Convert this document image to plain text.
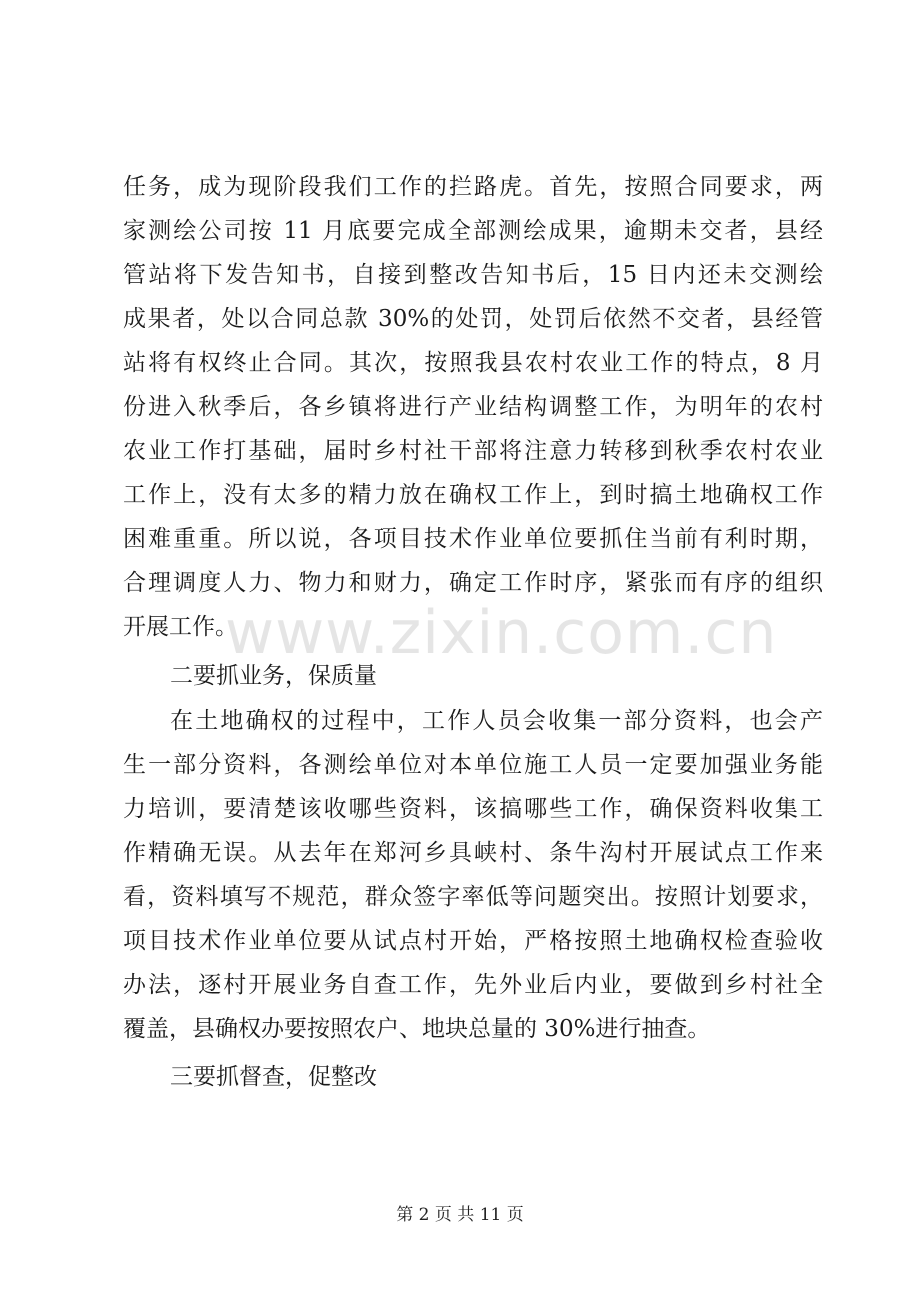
任务，成为现阶段我们工作的拦路虎。首先，按照合同要求，两
家测绘公司按 11 月底要完成全部测绘成果，逾期未交者，县经
管站将下发告知书，自接到整改告知书后，15 日内还未交测绘
成果者，处以合同总款 30%的处罚，处罚后依然不交者，县经管
站将有权终止合同。其次，按照我县农村农业工作的特点，8 月
份进入秋季后，各乡镇将进行产业结构调整工作，为明年的农村
农业工作打基础，届时乡村社干部将注意力转移到秋季农村农业
工作上，没有太多的精力放在确权工作上，到时搞土地确权工作
困难重重。所以说，各项目技术作业单位要抓住当前有利时期，
合理调度人力、物力和财力，确定工作时序，紧张而有序的组织
开展工作。
二要抓业务，保质量
在土地确权的过程中，工作人员会收集一部分资料，也会产
生一部分资料，各测绘单位对本单位施工人员一定要加强业务能
力培训，要清楚该收哪些资料，该搞哪些工作，确保资料收集工
作精确无误。从去年在郑河乡具峡村、条牛沟村开展试点工作来
看，资料填写不规范，群众签字率低等问题突出。按照计划要求，
项目技术作业单位要从试点村开始，严格按照土地确权检查验收
办法，逐村开展业务自查工作，先外业后内业，要做到乡村社全
覆盖，县确权办要按照农户、地块总量的 30%进行抽查。
三要抓督查，促整改
www.zixin.com.cn
第 2 页 共 11 页
